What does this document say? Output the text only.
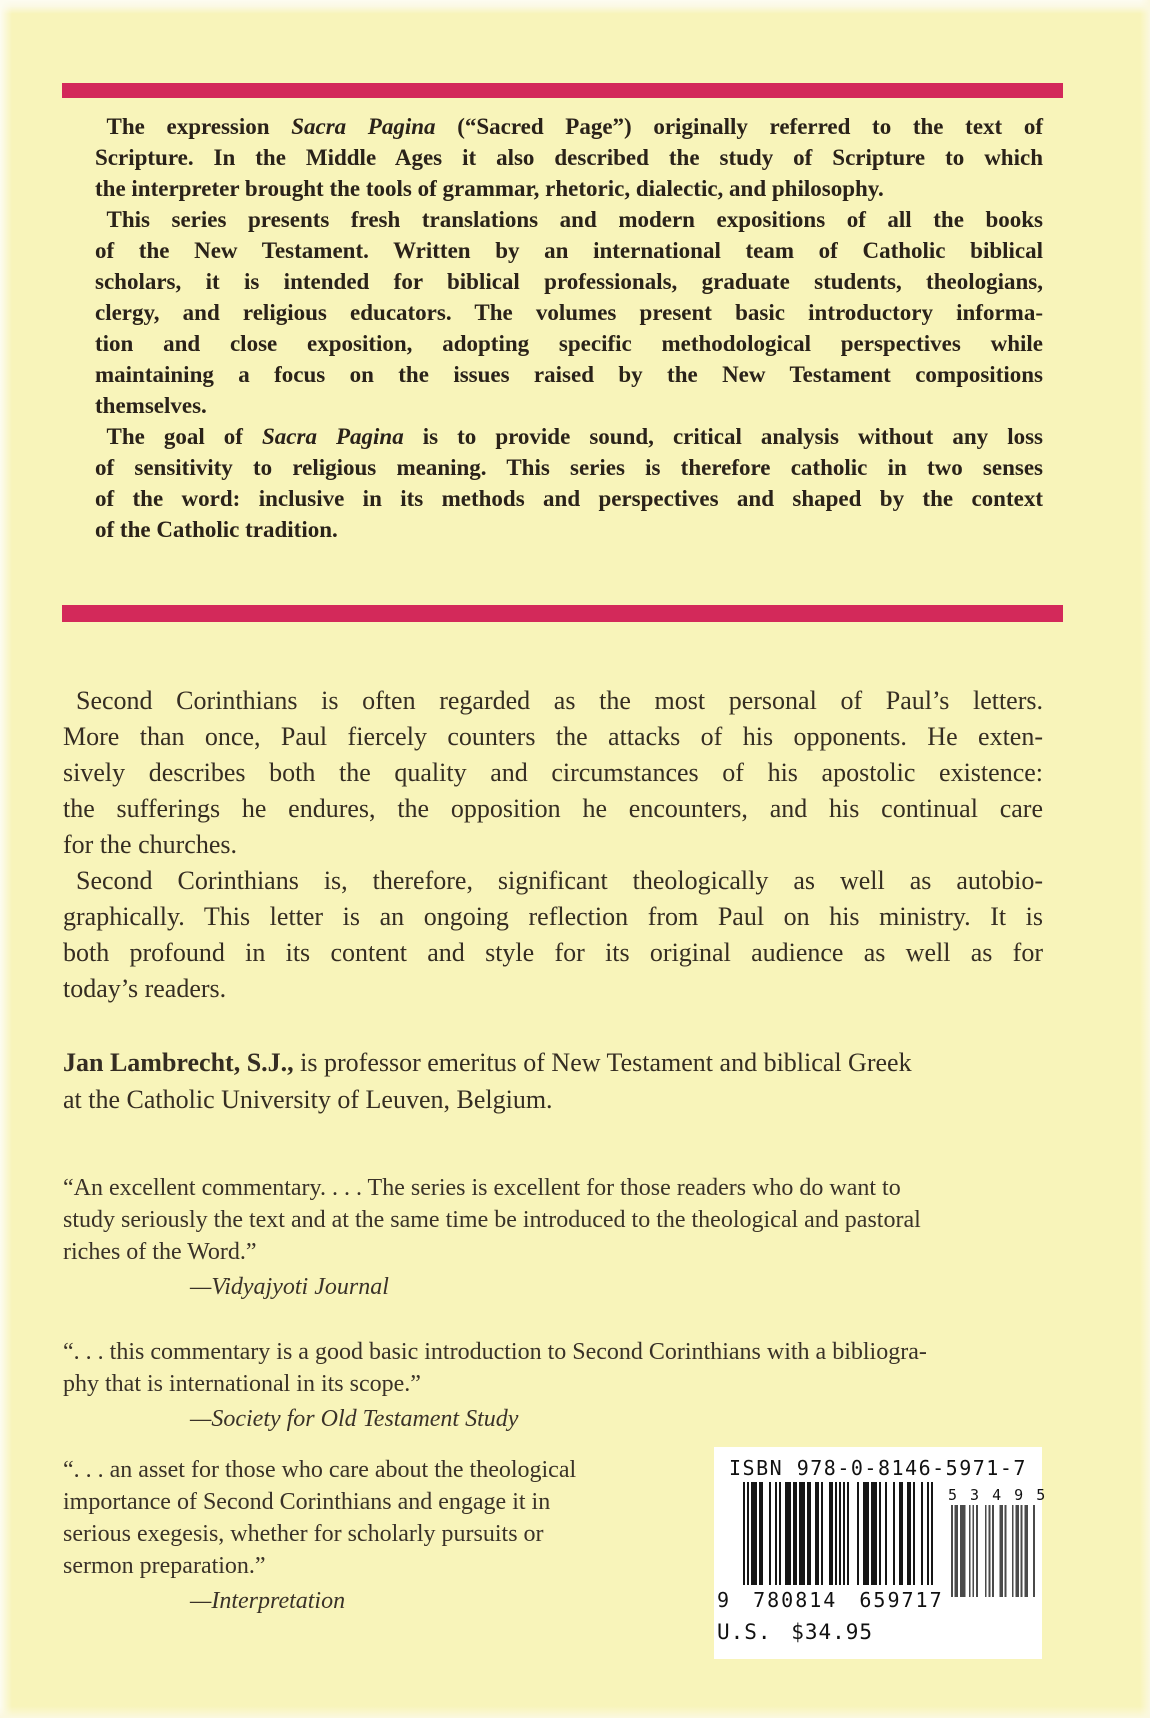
 The expression Sacra Pagina (“Sacred Page”) originally referred to the text of
Scripture. In the Middle Ages it also described the study of Scripture to which
the interpreter brought the tools of grammar, rhetoric, dialectic, and philosophy.
 This series presents fresh translations and modern expositions of all the books
of the New Testament. Written by an international team of Catholic biblical
scholars, it is intended for biblical professionals, graduate students, theologians,
clergy, and religious educators. The volumes present basic introductory informa-
tion and close exposition, adopting specific methodological perspectives while
maintaining a focus on the issues raised by the New Testament compositions
themselves.
 The goal of Sacra Pagina is to provide sound, critical analysis without any loss
of sensitivity to religious meaning. This series is therefore catholic in two senses
of the word: inclusive in its methods and perspectives and shaped by the context
of the Catholic tradition.
 Second Corinthians is often regarded as the most personal of Paul’s letters.
More than once, Paul fiercely counters the attacks of his opponents. He exten-
sively describes both the quality and circumstances of his apostolic existence:
the sufferings he endures, the opposition he encounters, and his continual care
for the churches.
 Second Corinthians is, therefore, significant theologically as well as autobio-
graphically. This letter is an ongoing reflection from Paul on his ministry. It is
both profound in its content and style for its original audience as well as for
today’s readers.
Jan Lambrecht, S.J., is professor emeritus of New Testament and biblical Greek
at the Catholic University of Leuven, Belgium.
“An excellent commentary. . . . The series is excellent for those readers who do want to
study seriously the text and at the same time be introduced to the theological and pastoral
riches of the Word.”
—Vidyajyoti Journal
“. . . this commentary is a good basic introduction to Second Corinthians with a bibliogra-
phy that is international in its scope.”
—Society for Old Testament Study
“. . . an asset for those who care about the theological
importance of Second Corinthians and engage it in
serious exegesis, whether for scholarly pursuits or
sermon preparation.”
—Interpretation
ISBN 978-0-8146-5971-7
9 780814 659717
5 3 4 9 5
U.S. $34.95
